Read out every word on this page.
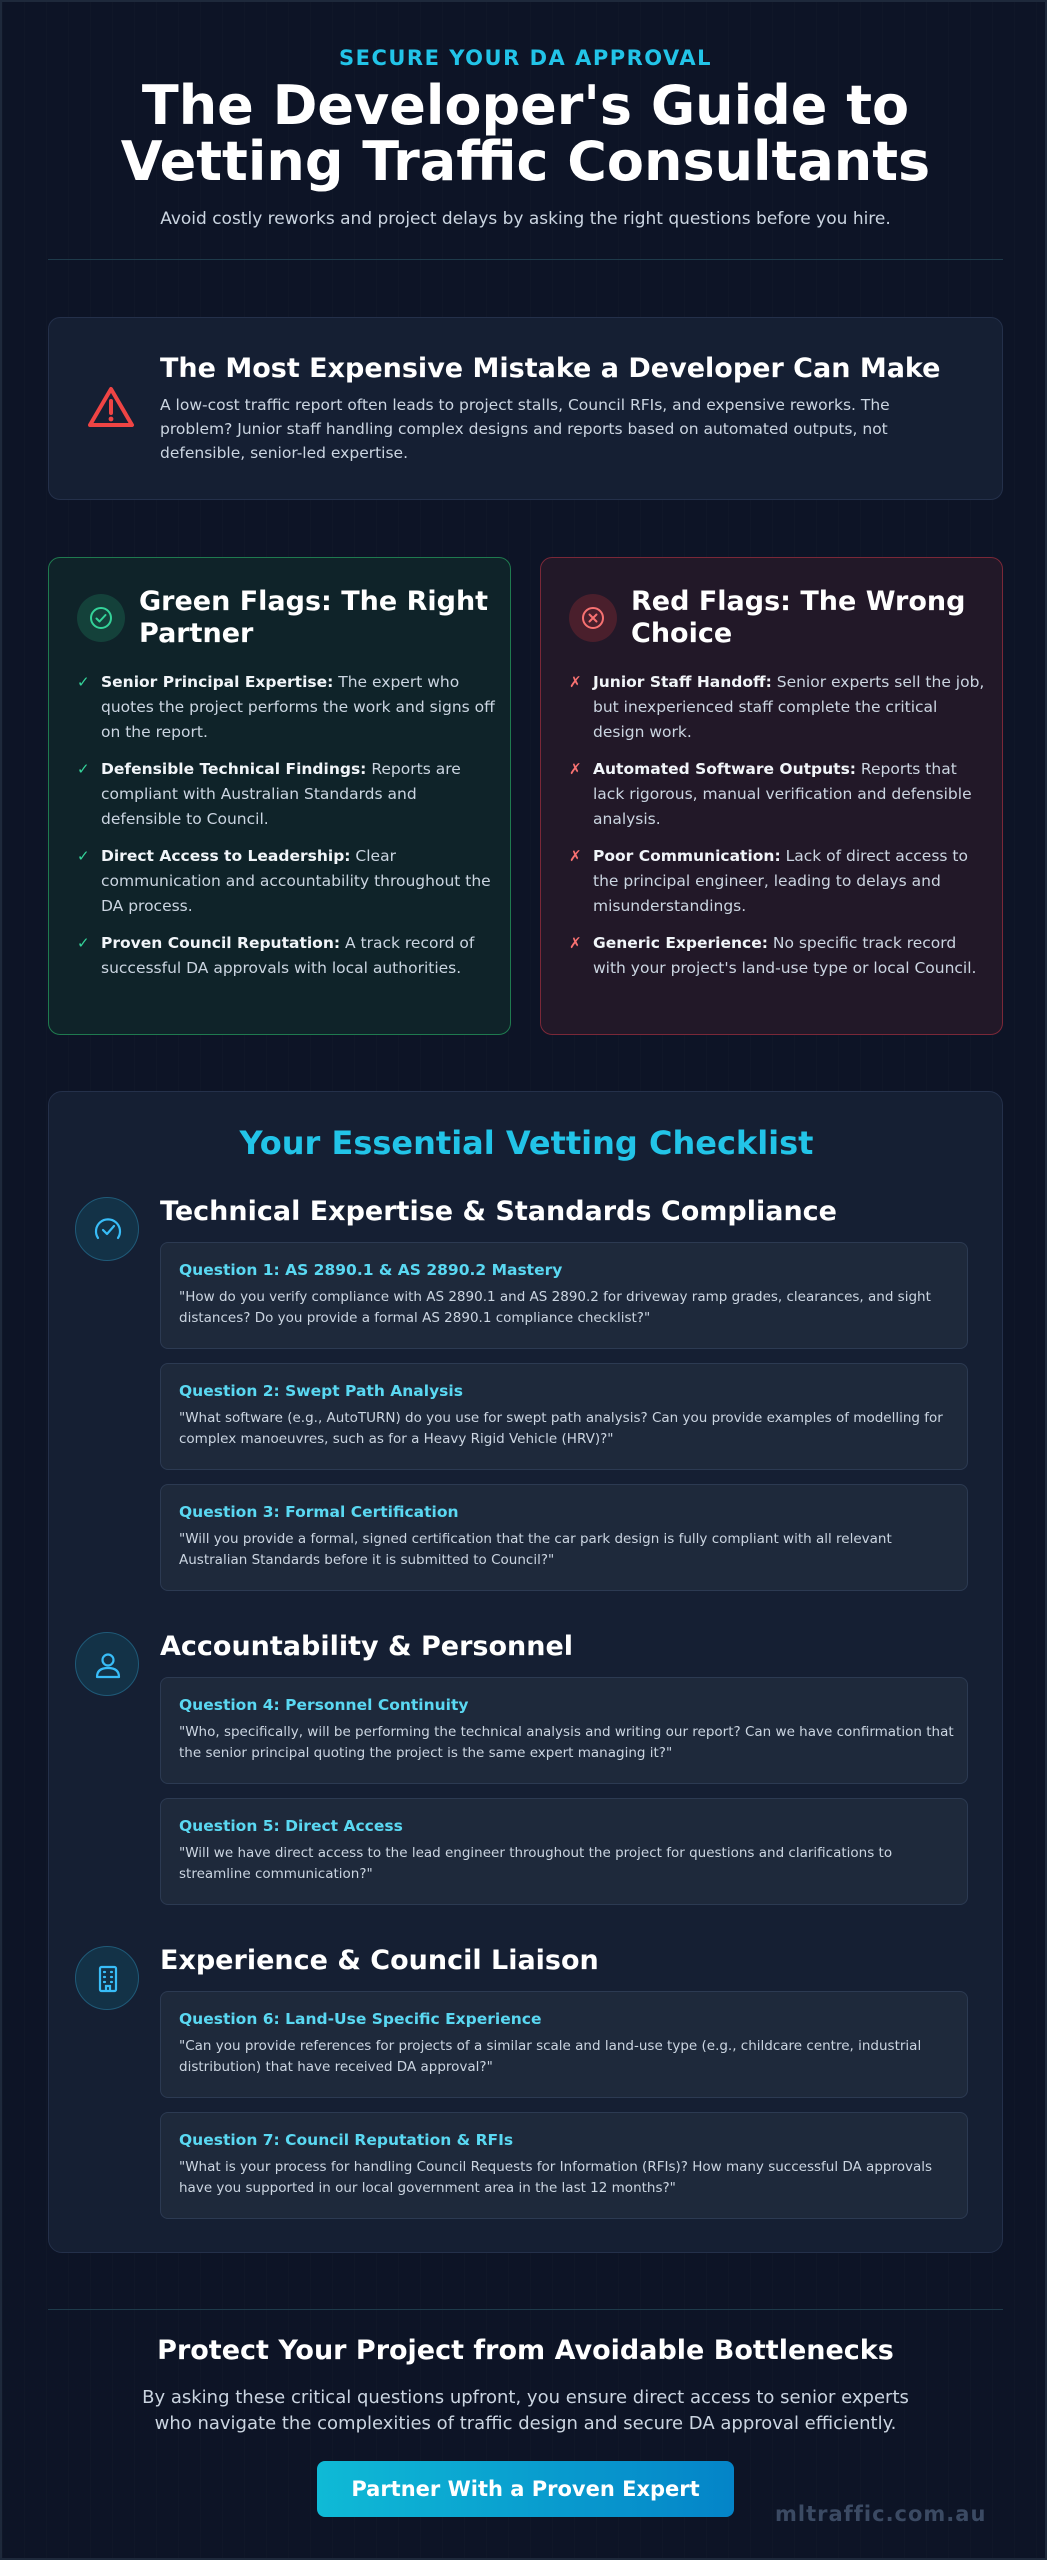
SECURE YOUR DA APPROVAL
The Developer's Guide to
Vetting Traffic Consultants
Avoid costly reworks and project delays by asking the right questions before you hire.
The Most Expensive Mistake a Developer Can Make
A low-cost traffic report often leads to project stalls, Council RFIs, and expensive reworks. The problem? Junior staff handling complex designs and reports based on automated outputs, not defensible, senior-led expertise.
Green Flags: The Right Partner
✓ Senior Principal Expertise: The expert who quotes the project performs the work and signs off on the report.
✓ Defensible Technical Findings: Reports are compliant with Australian Standards and defensible to Council.
✓ Direct Access to Leadership: Clear communication and accountability throughout the DA process.
✓ Proven Council Reputation: A track record of successful DA approvals with local authorities.
Red Flags: The Wrong Choice
✗ Junior Staff Handoff: Senior experts sell the job, but inexperienced staff complete the critical design work.
✗ Automated Software Outputs: Reports that lack rigorous, manual verification and defensible analysis.
✗ Poor Communication: Lack of direct access to the principal engineer, leading to delays and misunderstandings.
✗ Generic Experience: No specific track record with your project's land-use type or local Council.
Your Essential Vetting Checklist
Technical Expertise & Standards Compliance
Question 1: AS 2890.1 & AS 2890.2 Mastery
"How do you verify compliance with AS 2890.1 and AS 2890.2 for driveway ramp grades, clearances, and sight distances? Do you provide a formal AS 2890.1 compliance checklist?"
Question 2: Swept Path Analysis
"What software (e.g., AutoTURN) do you use for swept path analysis? Can you provide examples of modelling for complex manoeuvres, such as for a Heavy Rigid Vehicle (HRV)?"
Question 3: Formal Certification
"Will you provide a formal, signed certification that the car park design is fully compliant with all relevant Australian Standards before it is submitted to Council?"
Accountability & Personnel
Question 4: Personnel Continuity
"Who, specifically, will be performing the technical analysis and writing our report? Can we have confirmation that the senior principal quoting the project is the same expert managing it?"
Question 5: Direct Access
"Will we have direct access to the lead engineer throughout the project for questions and clarifications to streamline communication?"
Experience & Council Liaison
Question 6: Land-Use Specific Experience
"Can you provide references for projects of a similar scale and land-use type (e.g., childcare centre, industrial distribution) that have received DA approval?"
Question 7: Council Reputation & RFIs
"What is your process for handling Council Requests for Information (RFIs)? How many successful DA approvals have you supported in our local government area in the last 12 months?"
Protect Your Project from Avoidable Bottlenecks
By asking these critical questions upfront, you ensure direct access to senior experts who navigate the complexities of traffic design and secure DA approval efficiently.
Partner With a Proven Expert
mltraffic.com.au
